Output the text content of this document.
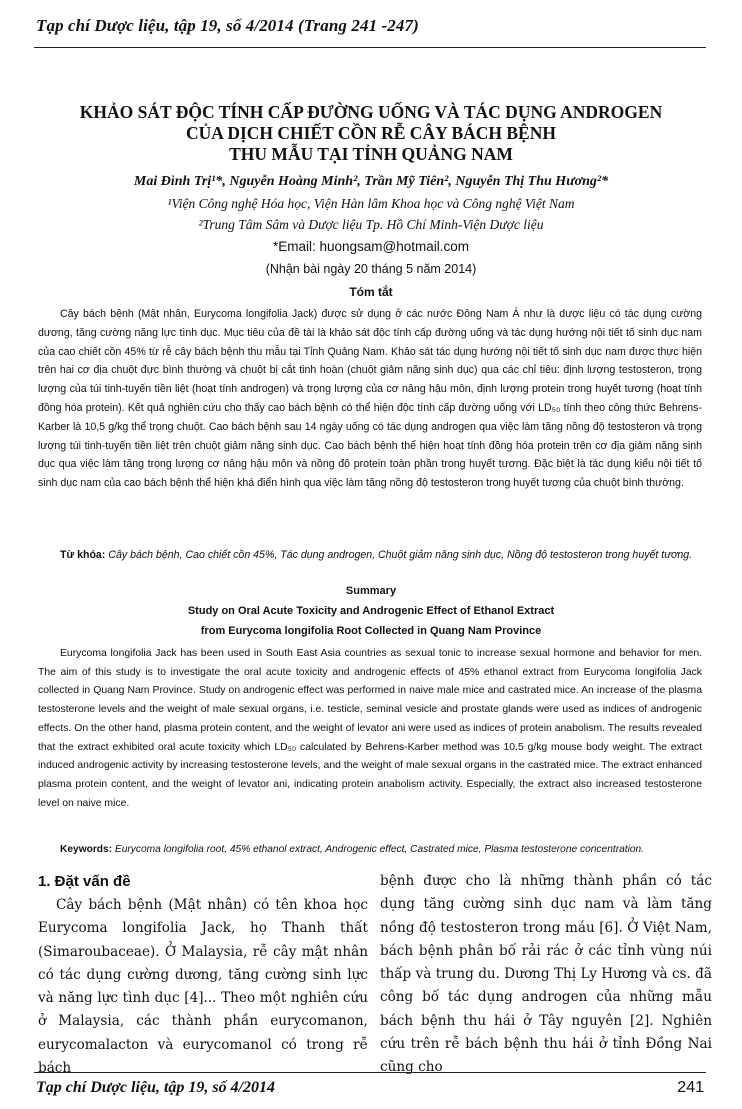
Tạp chí Dược liệu, tập 19, số 4/2014 (Trang 241 -247)
KHẢO SÁT ĐỘC TÍNH CẤP ĐƯỜNG UỐNG VÀ TÁC DỤNG ANDROGEN
CỦA DỊCH CHIẾT CỒN RỄ CÂY BÁCH BỆNH
THU MẪU TẠI TỈNH QUẢNG NAM
Mai Đình Trị¹*, Nguyễn Hoàng Minh², Trần Mỹ Tiên², Nguyễn Thị Thu Hương²*
¹Viện Công nghệ Hóa học, Viện Hàn lâm Khoa học và Công nghệ Việt Nam
²Trung Tâm Sâm và Dược liệu Tp. Hồ Chí Minh-Viện Dược liệu
*Email: huongsam@hotmail.com
(Nhận bài ngày 20 tháng 5 năm 2014)
Tóm tắt

Cây bách bệnh (Mật nhân, Eurycoma longifolia Jack) được sử dụng ở các nước Đông Nam Á như là dược liệu có tác dụng cường dương, tăng cường năng lực tình dục. Mục tiêu của đề tài là khảo sát độc tính cấp đường uống và tác dụng hướng nội tiết tố sinh dục nam của cao chiết cồn 45% từ rễ cây bách bệnh thu mẫu tại Tỉnh Quảng Nam. Khảo sát tác dụng hướng nội tiết tố sinh dục nam được thực hiện trên hai cơ địa chuột đực bình thường và chuột bị cắt tinh hoàn (chuột giảm năng sinh dục) qua các chỉ tiêu: định lượng testosteron, trọng lượng của túi tinh-tuyến tiền liệt (hoạt tính androgen) và trọng lượng của cơ nâng hậu môn, định lượng protein trong huyết tương (hoạt tính đồng hóa protein). Kết quả nghiên cứu cho thấy cao bách bệnh có thể hiện độc tính cấp đường uống với LD₅₀ tính theo công thức Behrens-Karber là 10,5 g/kg thể trọng chuột. Cao bách bệnh sau 14 ngày uống có tác dụng androgen qua việc làm tăng nồng độ testosteron và trọng lượng túi tinh-tuyến tiền liệt trên chuột giảm năng sinh dục. Cao bách bệnh thể hiện hoạt tính đồng hóa protein trên cơ địa giảm năng sinh dục qua việc làm tăng trọng lượng cơ nâng hậu môn và nồng độ protein toàn phần trong huyết tương. Đặc biệt là tác dụng kiểu nội tiết tố sinh dục nam của cao bách bệnh thể hiện khá điển hình qua việc làm tăng nồng độ testosteron trong huyết tương của chuột bình thường.

Từ khóa: Cây bách bệnh, Cao chiết cồn 45%, Tác dụng androgen, Chuột giảm năng sinh dục, Nồng độ testosteron trong huyết tương.

Summary
Study on Oral Acute Toxicity and Androgenic Effect of Ethanol Extract
from Eurycoma longifolia Root Collected in Quang Nam Province

Eurycoma longifolia Jack has been used in South East Asia countries as sexual tonic to increase sexual hormone and behavior for men. The aim of this study is to investigate the oral acute toxicity and androgenic effects of 45% ethanol extract from Eurycoma longifolia Jack collected in Quang Nam Province. Study on androgenic effect was performed in naive male mice and castrated mice. An increase of the plasma testosterone levels and the weight of male sexual organs, i.e. testicle, seminal vesicle and prostate glands were used as indices of androgenic effects. On the other hand, plasma protein content, and the weight of levator ani were used as indices of protein anabolism. The results revealed that the extract exhibited oral acute toxicity which LD₅₀ calculated by Behrens-Karber method was 10.5 g/kg mouse body weight. The extract induced androgenic activity by increasing testosterone levels, and the weight of male sexual organs in the castrated mice. The extract enhanced plasma protein content, and the weight of levator ani, indicating protein anabolism activity. Especially, the extract also increased testosterone level on naive mice.

Keywords: Eurycoma longifolia root, 45% ethanol extract, Androgenic effect, Castrated mice, Plasma testosterone concentration.

1. Đặt vấn đề

Cây bách bệnh (Mật nhân) có tên khoa học Eurycoma longifolia Jack, họ Thanh thất (Simaroubaceae). Ở Malaysia, rễ cây mật nhân có tác dụng cường dương, tăng cường sinh lực và năng lực tình dục [4]... Theo một nghiên cứu ở Malaysia, các thành phần eurycomanon, eurycomalacton và eurycomanol có trong rễ bách

bệnh được cho là những thành phần có tác dụng tăng cường sinh dục nam và làm tăng nồng độ testosteron trong máu [6]. Ở Việt Nam, bách bệnh phân bố rải rác ở các tỉnh vùng núi thấp và trung du. Dương Thị Ly Hương và cs. đã công bố tác dụng androgen của những mẫu bách bệnh thu hái ở Tây nguyên [2]. Nghiên cứu trên rễ bách bệnh thu hái ở tỉnh Đồng Nai cũng cho

Tạp chí Dược liệu, tập 19, số 4/2014	241
